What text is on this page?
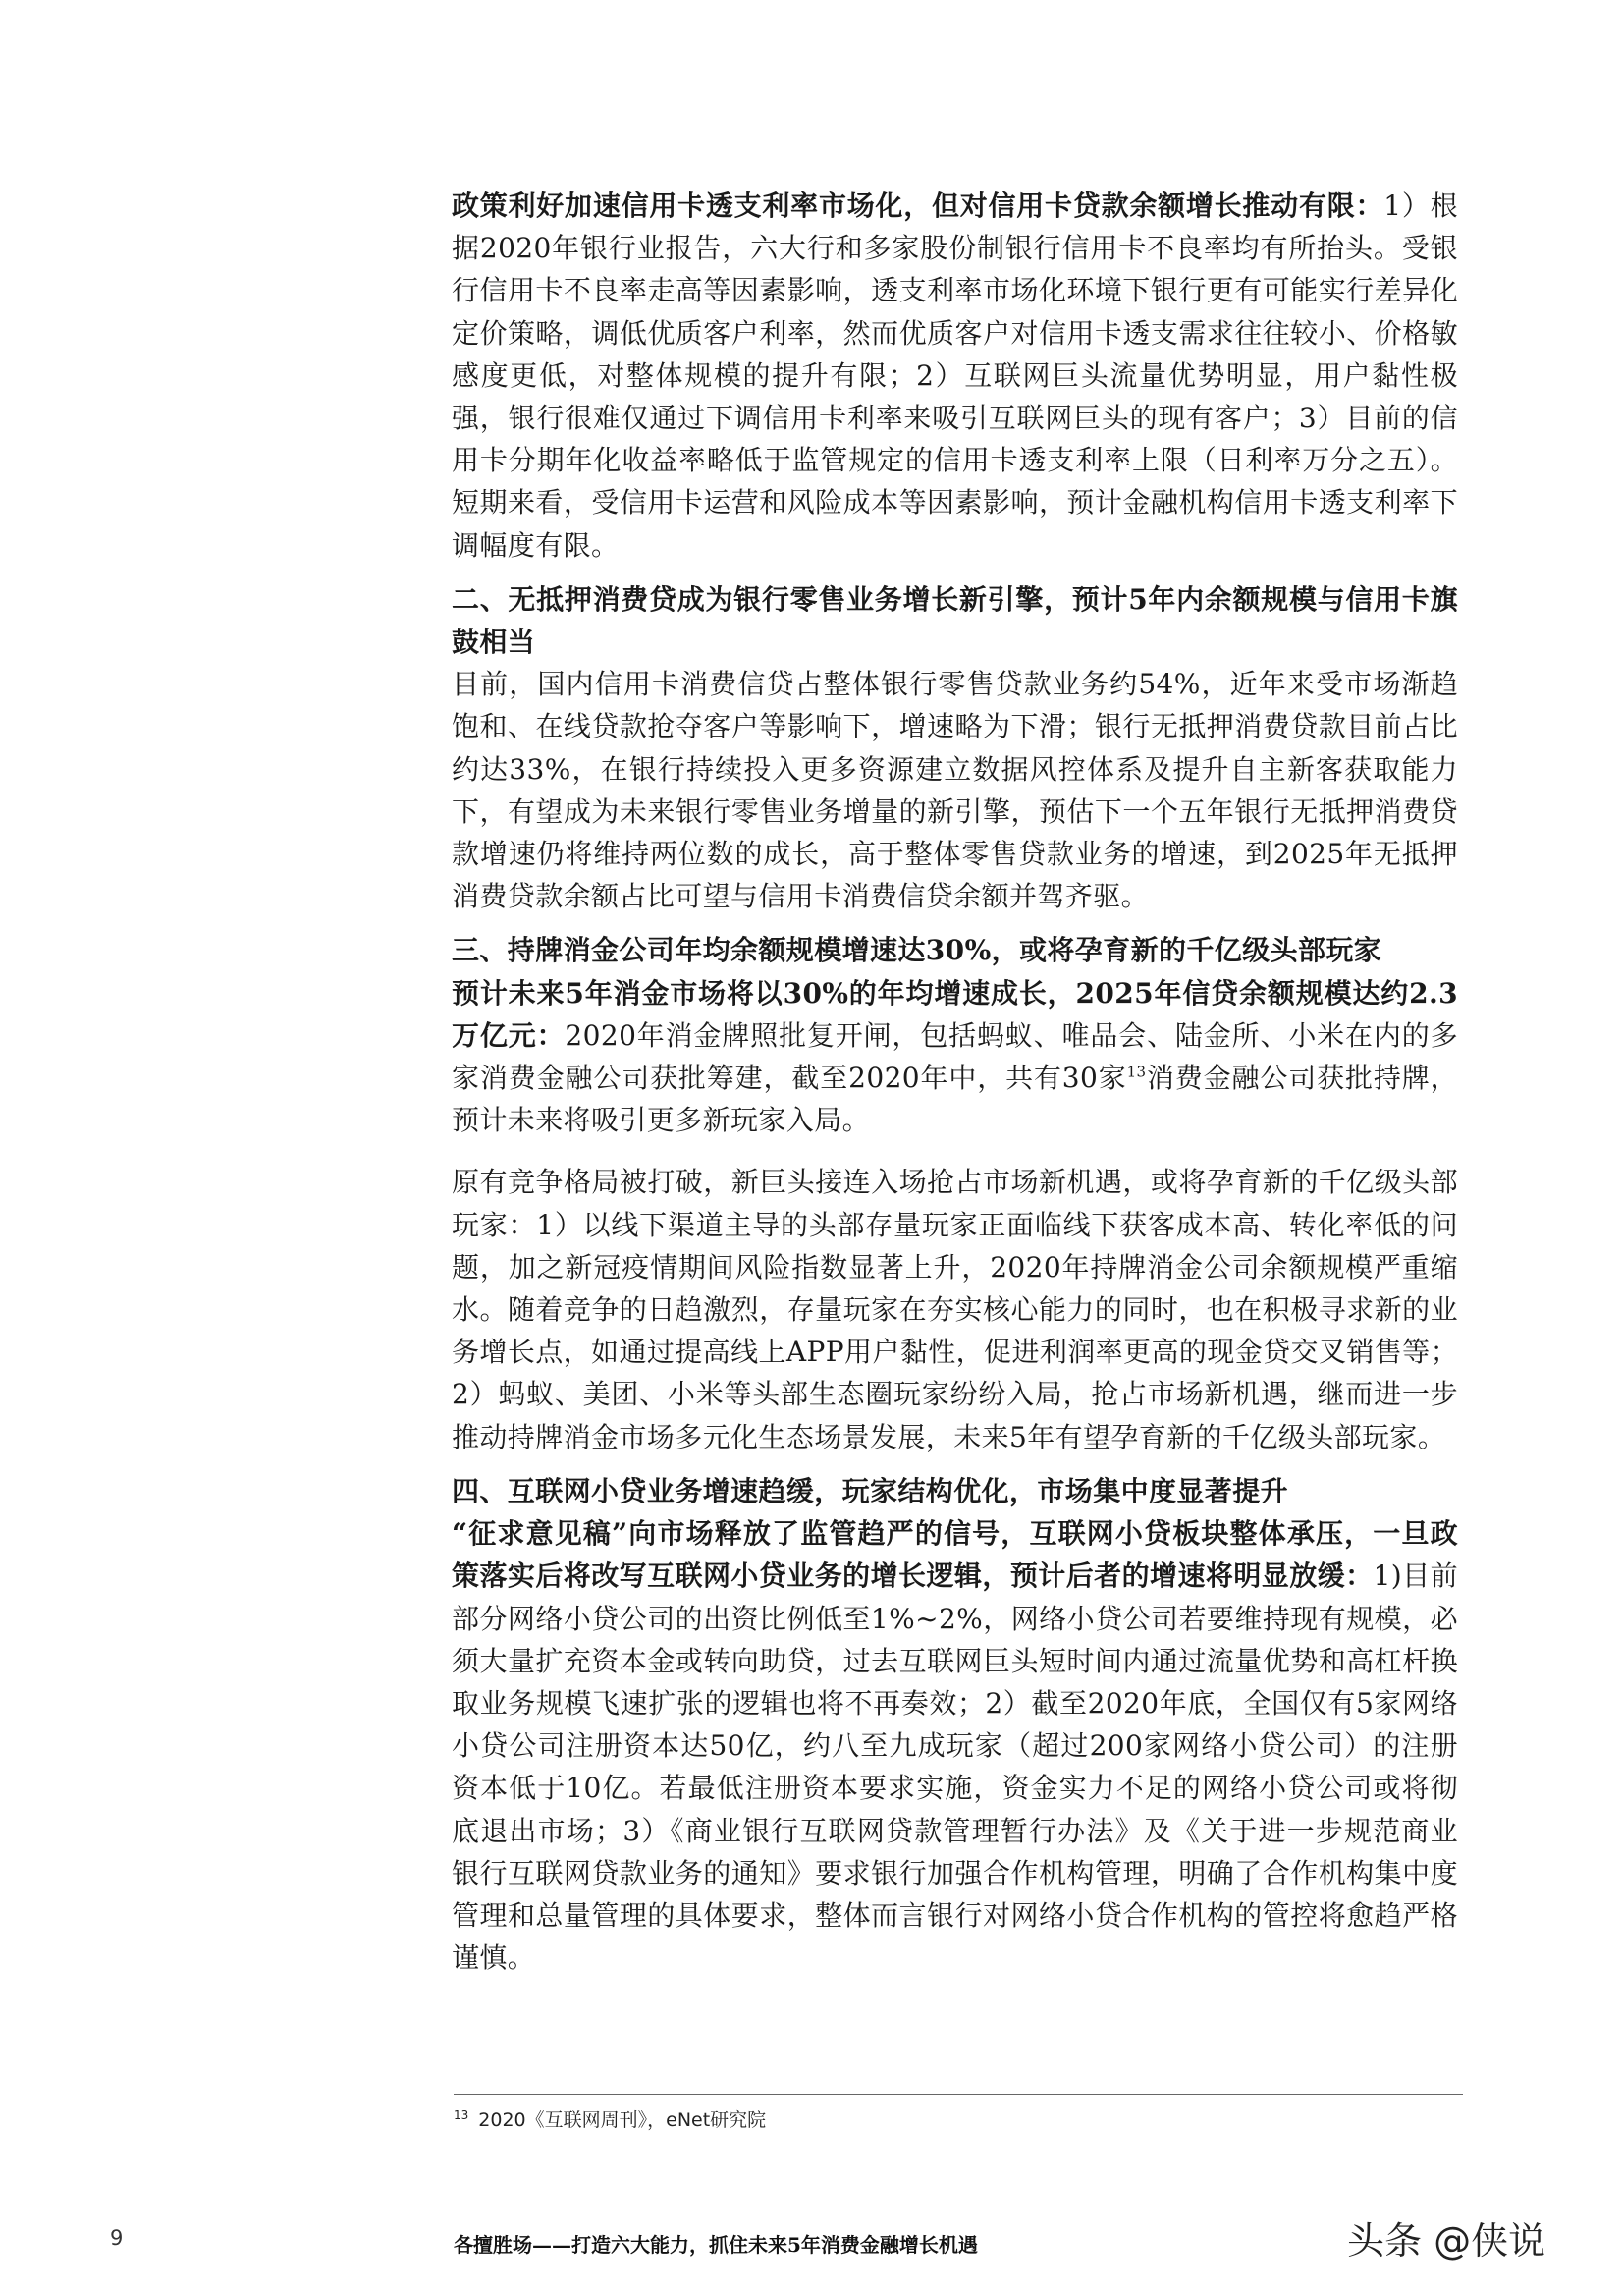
政策利好加速信用卡透支利率市场化，但对信用卡贷款余额增长推动有限：1）根据2020年银行业报告，六大行和多家股份制银行信用卡不良率均有所抬头。受银行信用卡不良率走高等因素影响，透支利率市场化环境下银行更有可能实行差异化定价策略，调低优质客户利率，然而优质客户对信用卡透支需求往往较小、价格敏感度更低，对整体规模的提升有限；2）互联网巨头流量优势明显，用户黏性极强，银行很难仅通过下调信用卡利率来吸引互联网巨头的现有客户；3）目前的信用卡分期年化收益率略低于监管规定的信用卡透支利率上限（日利率万分之五）。短期来看，受信用卡运营和风险成本等因素影响，预计金融机构信用卡透支利率下调幅度有限。

二、无抵押消费贷成为银行零售业务增长新引擎，预计5年内余额规模与信用卡旗鼓相当

目前，国内信用卡消费信贷占整体银行零售贷款业务约54%，近年来受市场渐趋饱和、在线贷款抢夺客户等影响下，增速略为下滑；银行无抵押消费贷款目前占比约达33%，在银行持续投入更多资源建立数据风控体系及提升自主新客获取能力下，有望成为未来银行零售业务增量的新引擎，预估下一个五年银行无抵押消费贷款增速仍将维持两位数的成长，高于整体零售贷款业务的增速，到2025年无抵押消费贷款余额占比可望与信用卡消费信贷余额并驾齐驱。

三、持牌消金公司年均余额规模增速达30%，或将孕育新的千亿级头部玩家

预计未来5年消金市场将以30%的年均增速成长，2025年信贷余额规模达约2.3万亿元：2020年消金牌照批复开闸，包括蚂蚁、唯品会、陆金所、小米在内的多家消费金融公司获批筹建，截至2020年中，共有30家$^{13}$消费金融公司获批持牌，预计未来将吸引更多新玩家入局。

原有竞争格局被打破，新巨头接连入场抢占市场新机遇，或将孕育新的千亿级头部玩家：1）以线下渠道主导的头部存量玩家正面临线下获客成本高、转化率低的问题，加之新冠疫情期间风险指数显著上升，2020年持牌消金公司余额规模严重缩水。随着竞争的日趋激烈，存量玩家在夯实核心能力的同时，也在积极寻求新的业务增长点，如通过提高线上APP用户黏性，促进利润率更高的现金贷交叉销售等；2）蚂蚁、美团、小米等头部生态圈玩家纷纷入局，抢占市场新机遇，继而进一步推动持牌消金市场多元化生态场景发展，未来5年有望孕育新的千亿级头部玩家。

四、互联网小贷业务增速趋缓，玩家结构优化，市场集中度显著提升

“征求意见稿”向市场释放了监管趋严的信号，互联网小贷板块整体承压，一旦政策落实后将改写互联网小贷业务的增长逻辑，预计后者的增速将明显放缓：1)目前部分网络小贷公司的出资比例低至1%~2%，网络小贷公司若要维持现有规模，必须大量扩充资本金或转向助贷，过去互联网巨头短时间内通过流量优势和高杠杆换取业务规模飞速扩张的逻辑也将不再奏效；2）截至2020年底，全国仅有5家网络小贷公司注册资本达50亿，约八至九成玩家（超过200家网络小贷公司）的注册资本低于10亿。若最低注册资本要求实施，资金实力不足的网络小贷公司或将彻底退出市场；3）《商业银行互联网贷款管理暂行办法》及《关于进一步规范商业银行互联网贷款业务的通知》要求银行加强合作机构管理，明确了合作机构集中度管理和总量管理的具体要求，整体而言银行对网络小贷合作机构的管控将愈趋严格谨慎。

$^{13}$ 2020《互联网周刊》，eNet研究院
9	各擅胜场——打造六大能力，抓住未来5年消费金融增长机遇	头条 @侠说
